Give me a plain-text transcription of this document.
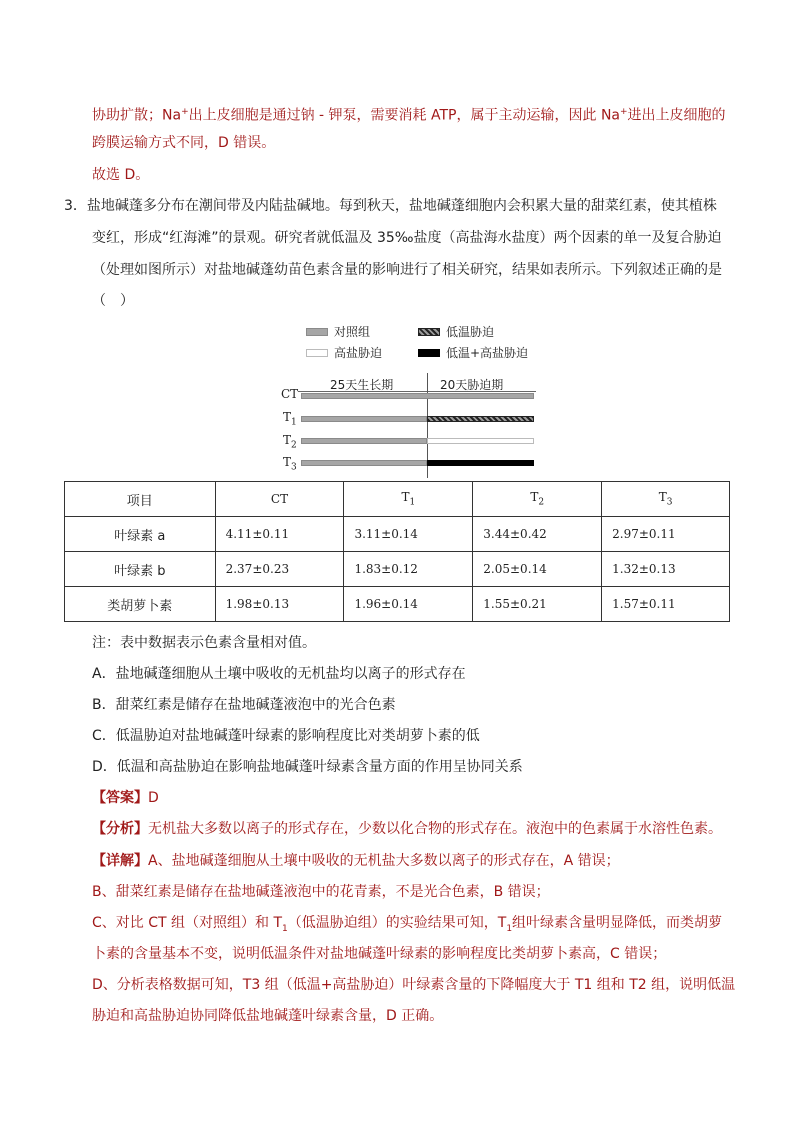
协助扩散；Na+出上皮细胞是通过钠 - 钾泵，需要消耗 ATP，属于主动运输，因此 Na+进出上皮细胞的
跨膜运输方式不同，D 错误。
故选 D。
3．盐地碱蓬多分布在潮间带及内陆盐碱地。每到秋天，盐地碱蓬细胞内会积累大量的甜菜红素，使其植株
变红，形成“红海滩”的景观。研究者就低温及 35‰盐度（高盐海水盐度）两个因素的单一及复合胁迫
（处理如图所示）对盐地碱蓬幼苗色素含量的影响进行了相关研究，结果如表所示。下列叙述正确的是
（　）
对照组	低温胁迫
高盐胁迫	低温+高盐胁迫
25天生长期	20天胁迫期
CT
$T_1$
$T_2$
$T_3$
项目	CT	$T_1$	$T_2$	$T_3$
叶绿素 a	4.11±0.11	3.11±0.14	3.44±0.42	2.97±0.11
叶绿素 b	2.37±0.23	1.83±0.12	2.05±0.14	1.32±0.13
类胡萝卜素	1.98±0.13	1.96±0.14	1.55±0.21	1.57±0.11
注：表中数据表示色素含量相对值。
A．盐地碱蓬细胞从土壤中吸收的无机盐均以离子的形式存在
B．甜菜红素是储存在盐地碱蓬液泡中的光合色素
C．低温胁迫对盐地碱蓬叶绿素的影响程度比对类胡萝卜素的低
D．低温和高盐胁迫在影响盐地碱蓬叶绿素含量方面的作用呈协同关系
【答案】D
【分析】无机盐大多数以离子的形式存在，少数以化合物的形式存在。液泡中的色素属于水溶性色素。
【详解】A、盐地碱蓬细胞从土壤中吸收的无机盐大多数以离子的形式存在，A 错误；
B、甜菜红素是储存在盐地碱蓬液泡中的花青素，不是光合色素，B 错误；
C、对比 CT 组（对照组）和 $T_1$（低温胁迫组）的实验结果可知，$T_1$组叶绿素含量明显降低，而类胡萝
卜素的含量基本不变，说明低温条件对盐地碱蓬叶绿素的影响程度比类胡萝卜素高，C 错误；
D、分析表格数据可知，T3 组（低温+高盐胁迫）叶绿素含量的下降幅度大于 T1 组和 T2 组，说明低温
胁迫和高盐胁迫协同降低盐地碱蓬叶绿素含量，D 正确。
